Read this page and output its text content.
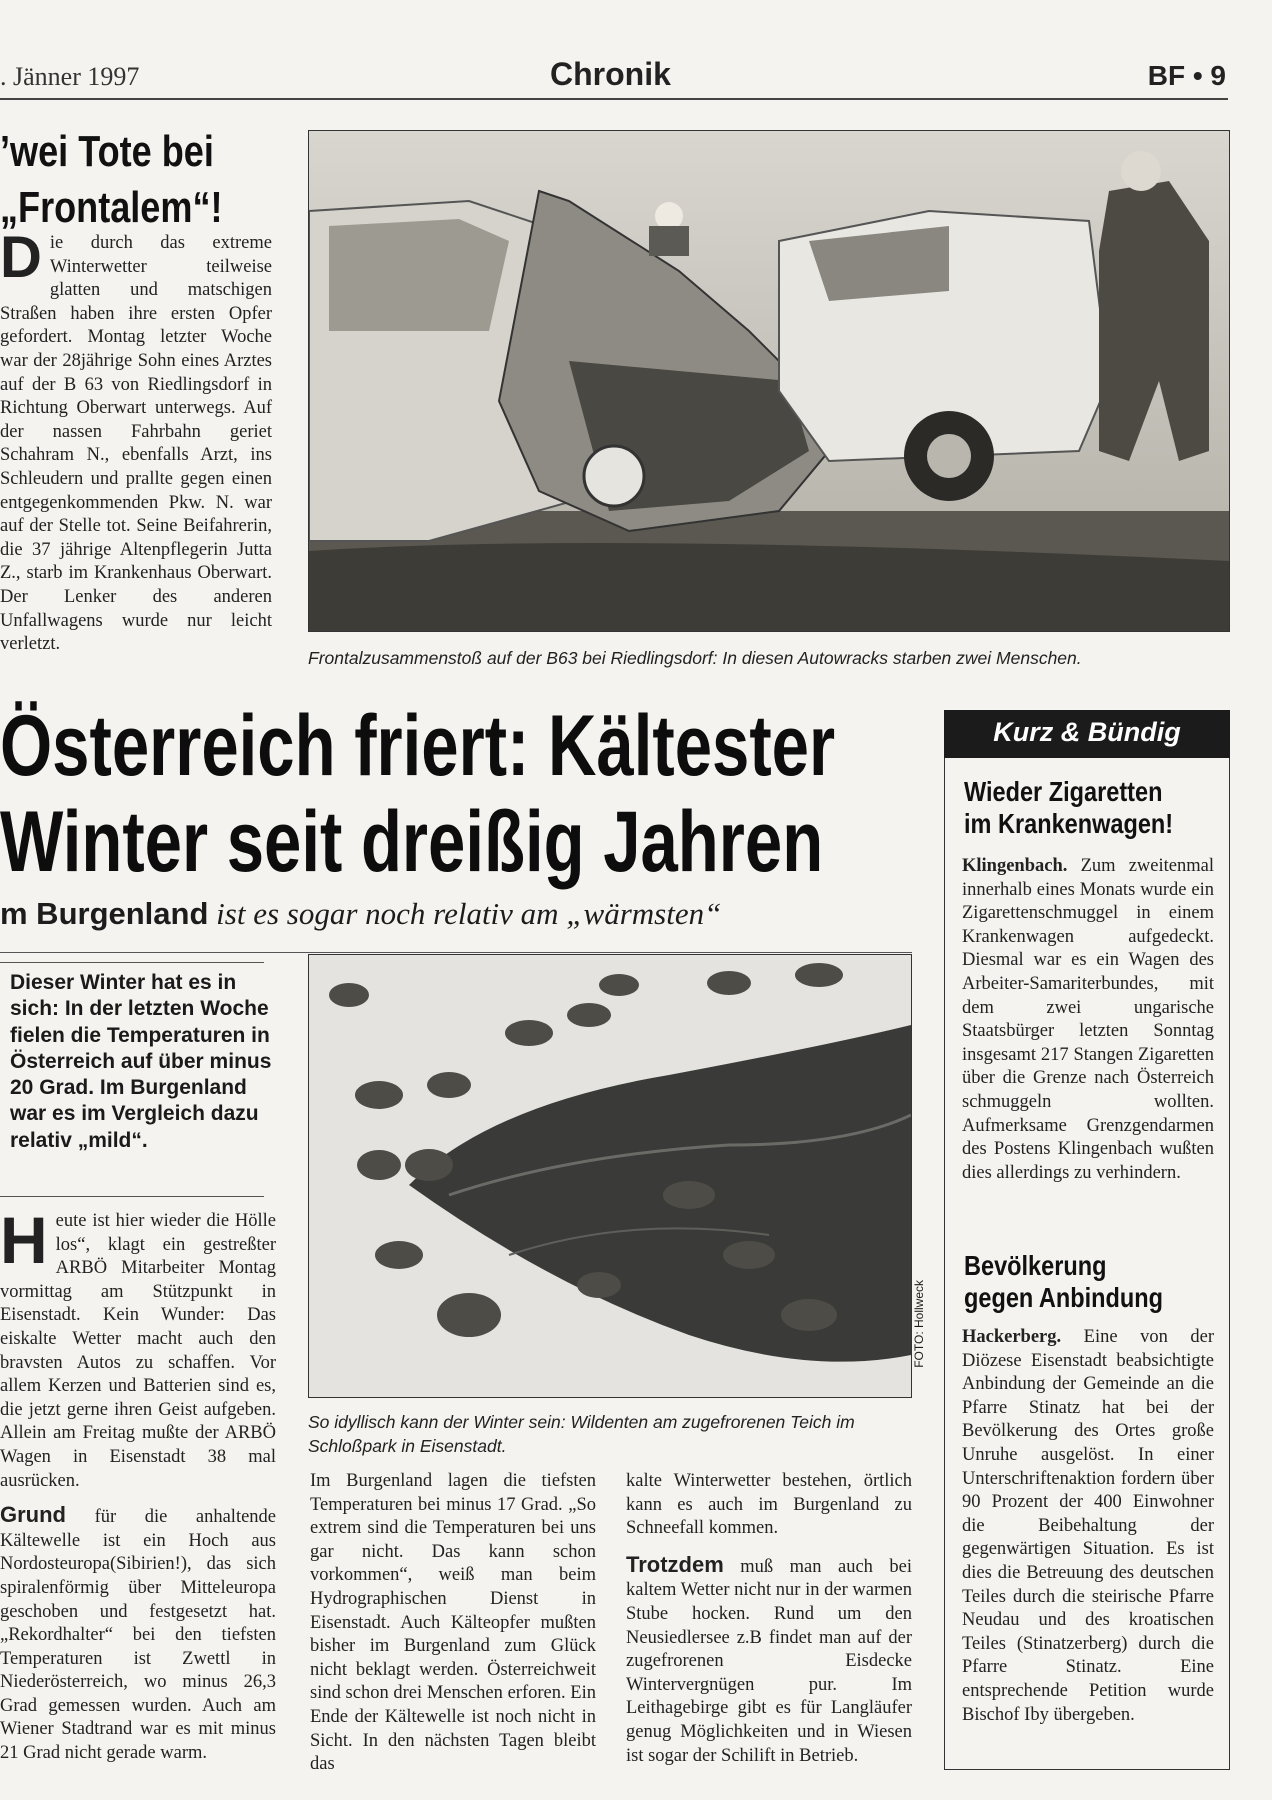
. Jänner 1997	Chronik	BF • 9
’wei Tote bei
„Frontalem“!
Die durch das extreme Winterwetter teilweise glatten und matschigen Straßen haben ihre ersten Opfer gefordert. Montag letzter Woche war der 28jährige Sohn eines Arztes auf der B 63 von Riedlingsdorf in Richtung Oberwart unterwegs. Auf der nassen Fahrbahn geriet Schahram N., ebenfalls Arzt, ins Schleudern und prallte gegen einen entgegenkommenden Pkw. N. war auf der Stelle tot. Seine Beifahrerin, die 37 jährige Altenpflegerin Jutta Z., starb im Krankenhaus Oberwart. Der Lenker des anderen Unfallwagens wurde nur leicht verletzt.
Frontalzusammenstoß auf der B63 bei Riedlingsdorf: In diesen Autowracks starben zwei Menschen.
Österreich friert: Kältester
Winter seit dreißig Jahren
m Burgenland ist es sogar noch relativ am „wärmsten“
Dieser Winter hat es in sich: In der letzten Woche fielen die Temperaturen in Österreich auf über minus 20 Grad. Im Burgenland war es im Vergleich dazu relativ „mild“.
FOTO: Hollweck
So idyllisch kann der Winter sein: Wildenten am zugefrorenen Teich im Schloßpark in Eisenstadt.
Heute ist hier wieder die Hölle los“, klagt ein gestreßter ARBÖ Mitarbeiter Montag vormittag am Stützpunkt in Eisenstadt. Kein Wunder: Das eiskalte Wetter macht auch den bravsten Autos zu schaffen. Vor allem Kerzen und Batterien sind es, die jetzt gerne ihren Geist aufgeben. Allein am Freitag mußte der ARBÖ Wagen in Eisenstadt 38 mal ausrücken.
Grund für die anhaltende Kältewelle ist ein Hoch aus Nordosteuropa(Sibirien!), das sich spiralenförmig über Mitteleuropa geschoben und festgesetzt hat. „Rekordhalter“ bei den tiefsten Temperaturen ist Zwettl in Niederösterreich, wo minus 26,3 Grad gemessen wurden. Auch am Wiener Stadtrand war es mit minus 21 Grad nicht gerade warm.
Im Burgenland lagen die tiefsten Temperaturen bei minus 17 Grad. „So extrem sind die Temperaturen bei uns gar nicht. Das kann schon vorkommen“, weiß man beim Hydrographischen Dienst in Eisenstadt. Auch Kälteopfer mußten bisher im Burgenland zum Glück nicht beklagt werden. Österreichweit sind schon drei Menschen erforen. Ein Ende der Kältewelle ist noch nicht in Sicht. In den nächsten Tagen bleibt das
kalte Winterwetter bestehen, örtlich kann es auch im Burgenland zu Schneefall kommen.
Trotzdem muß man auch bei kaltem Wetter nicht nur in der warmen Stube hocken. Rund um den Neusiedlersee z.B findet man auf der zugefrorenen Eisdecke Wintervergnügen pur. Im Leithagebirge gibt es für Langläufer genug Möglichkeiten und in Wiesen ist sogar der Schilift in Betrieb.
Kurz & Bündig
Wieder Zigaretten
im Krankenwagen!
Klingenbach. Zum zweitenmal innerhalb eines Monats wurde ein Zigarettenschmuggel in einem Krankenwagen aufgedeckt. Diesmal war es ein Wagen des Arbeiter-Samariterbundes, mit dem zwei ungarische Staatsbürger letzten Sonntag insgesamt 217 Stangen Zigaretten über die Grenze nach Österreich schmuggeln wollten. Aufmerksame Grenzgendarmen des Postens Klingenbach wußten dies allerdings zu verhindern.
Bevölkerung
gegen Anbindung
Hackerberg. Eine von der Diözese Eisenstadt beabsichtigte Anbindung der Gemeinde an die Pfarre Stinatz hat bei der Bevölkerung des Ortes große Unruhe ausgelöst. In einer Unterschriftenaktion fordern über 90 Prozent der 400 Einwohner die Beibehaltung der gegenwärtigen Situation. Es ist dies die Betreuung des deutschen Teiles durch die steirische Pfarre Neudau und des kroatischen Teiles (Stinatzerberg) durch die Pfarre Stinatz. Eine entsprechende Petition wurde Bischof Iby übergeben.
